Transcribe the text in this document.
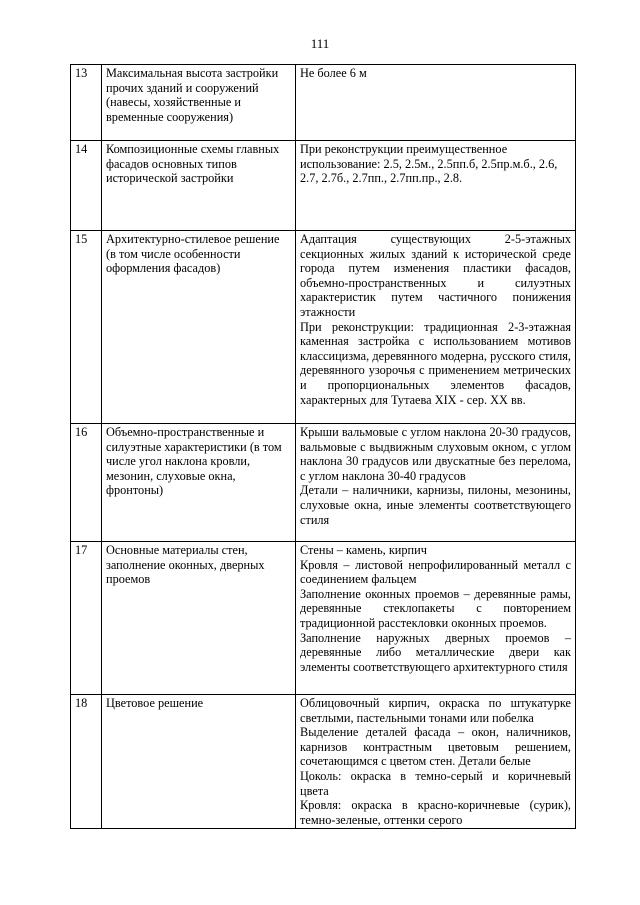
111
13	Максимальная высота застройки прочих зданий и сооружений (навесы, хозяйственные и временные сооружения)	Не более 6 м

14	Композиционные схемы главных фасадов основных типов исторической застройки	При реконструкции преимущественное использование: 2.5, 2.5м., 2.5пп.б, 2.5пр.м.б., 2.6, 2.7, 2.7б., 2.7пп., 2.7пп.пр., 2.8.

15	Архитектурно-стилевое решение (в том числе особенности оформления фасадов)	Адаптация существующих 2-5-этажных секционных жилых зданий к исторической среде города путем изменения пластики фасадов, объемно-пространственных и силуэтных характеристик путем частичного понижения этажности
При реконструкции: традиционная 2-3-этажная каменная застройка с использованием мотивов классицизма, деревянного модерна, русского стиля, деревянного узорочья с применением метрических и пропорциональных элементов фасадов, характерных для Тутаева XIX - сер. XX вв.

16	Объемно-пространственные и силуэтные характеристики (в том числе угол наклона кровли, мезонин, слуховые окна, фронтоны)	Крыши вальмовые с углом наклона 20-30 градусов, вальмовые с выдвижным слуховым окном, с углом наклона 30 градусов или двускатные без перелома, с углом наклона 30-40 градусов
Детали – наличники, карнизы, пилоны, мезонины, слуховые окна, иные элементы соответствующего стиля

17	Основные материалы стен, заполнение оконных, дверных проемов	Стены – камень, кирпич
Кровля – листовой непрофилированный металл с соединением фальцем
Заполнение оконных проемов – деревянные рамы, деревянные стеклопакеты с повторением традиционной расстекловки оконных проемов.
Заполнение наружных дверных проемов – деревянные либо металлические двери как элементы соответствующего архитектурного стиля

18	Цветовое решение	Облицовочный кирпич, окраска по штукатурке светлыми, пастельными тонами или побелка
Выделение деталей фасада – окон, наличников, карнизов контрастным цветовым решением, сочетающимся с цветом стен. Детали белые
Цоколь: окраска в темно-серый и коричневый цвета
Кровля: окраска в красно-коричневые (сурик), темно-зеленые, оттенки серого
